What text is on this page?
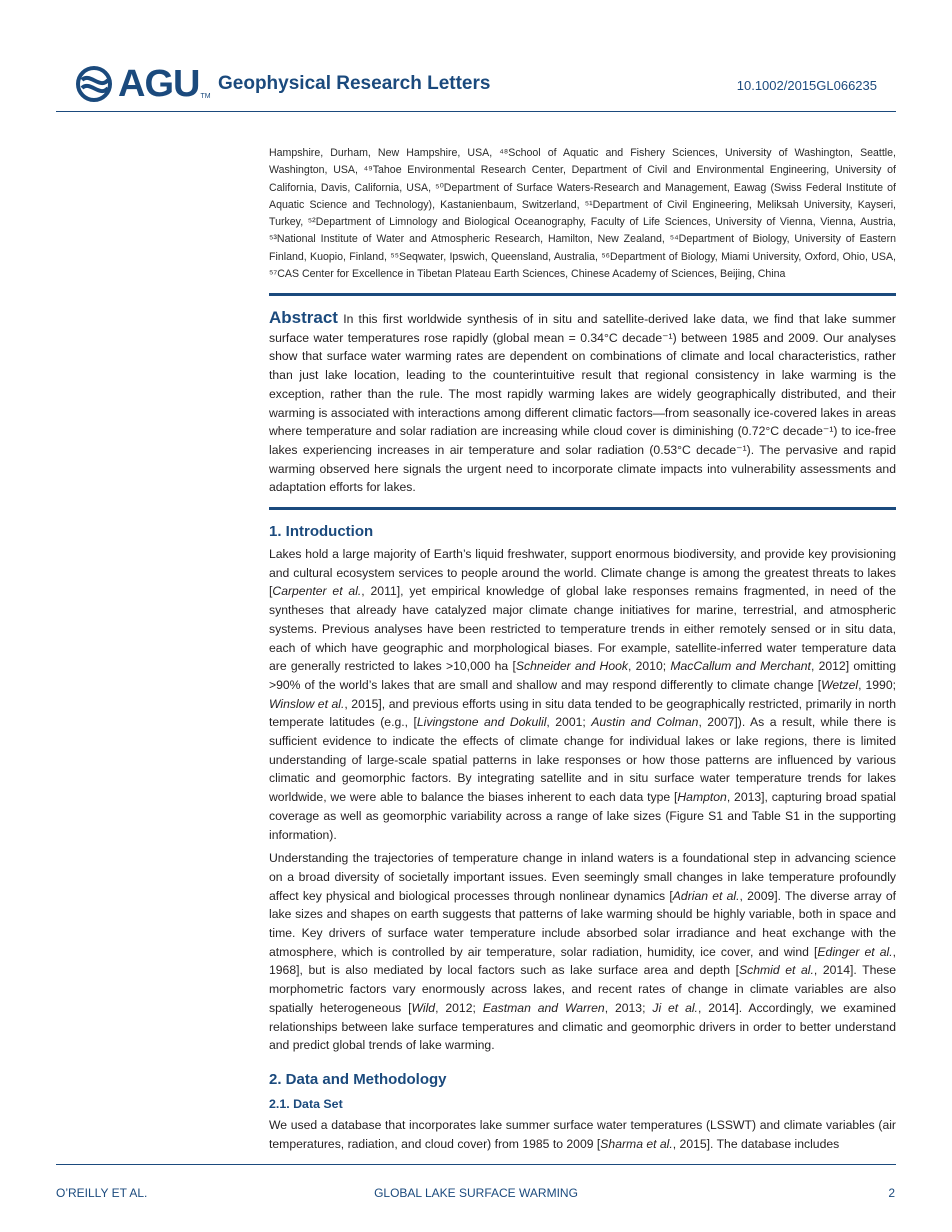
AGU TM
Geophysical Research Letters	10.1002/2015GL066235
Hampshire, Durham, New Hampshire, USA, ⁴⁸School of Aquatic and Fishery Sciences, University of Washington, Seattle, Washington, USA, ⁴⁹Tahoe Environmental Research Center, Department of Civil and Environmental Engineering, University of California, Davis, California, USA, ⁵⁰Department of Surface Waters-Research and Management, Eawag (Swiss Federal Institute of Aquatic Science and Technology), Kastanienbaum, Switzerland, ⁵¹Department of Civil Engineering, Meliksah University, Kayseri, Turkey, ⁵²Department of Limnology and Biological Oceanography, Faculty of Life Sciences, University of Vienna, Vienna, Austria, ⁵³National Institute of Water and Atmospheric Research, Hamilton, New Zealand, ⁵⁴Department of Biology, University of Eastern Finland, Kuopio, Finland, ⁵⁵Seqwater, Ipswich, Queensland, Australia, ⁵⁶Department of Biology, Miami University, Oxford, Ohio, USA, ⁵⁷CAS Center for Excellence in Tibetan Plateau Earth Sciences, Chinese Academy of Sciences, Beijing, China
Abstract In this first worldwide synthesis of in situ and satellite-derived lake data, we find that lake summer surface water temperatures rose rapidly (global mean = 0.34°C decade⁻¹) between 1985 and 2009. Our analyses show that surface water warming rates are dependent on combinations of climate and local characteristics, rather than just lake location, leading to the counterintuitive result that regional consistency in lake warming is the exception, rather than the rule. The most rapidly warming lakes are widely geographically distributed, and their warming is associated with interactions among different climatic factors—from seasonally ice-covered lakes in areas where temperature and solar radiation are increasing while cloud cover is diminishing (0.72°C decade⁻¹) to ice-free lakes experiencing increases in air temperature and solar radiation (0.53°C decade⁻¹). The pervasive and rapid warming observed here signals the urgent need to incorporate climate impacts into vulnerability assessments and adaptation efforts for lakes.
1. Introduction

Lakes hold a large majority of Earth’s liquid freshwater, support enormous biodiversity, and provide key provisioning and cultural ecosystem services to people around the world. Climate change is among the greatest threats to lakes [Carpenter et al., 2011], yet empirical knowledge of global lake responses remains fragmented, in need of the syntheses that already have catalyzed major climate change initiatives for marine, terrestrial, and atmospheric systems. Previous analyses have been restricted to temperature trends in either remotely sensed or in situ data, each of which have geographic and morphological biases. For example, satellite-inferred water temperature data are generally restricted to lakes >10,000 ha [Schneider and Hook, 2010; MacCallum and Merchant, 2012] omitting >90% of the world’s lakes that are small and shallow and may respond differently to climate change [Wetzel, 1990; Winslow et al., 2015], and previous efforts using in situ data tended to be geographically restricted, primarily in north temperate latitudes (e.g., [Livingstone and Dokulil, 2001; Austin and Colman, 2007]). As a result, while there is sufficient evidence to indicate the effects of climate change for individual lakes or lake regions, there is limited understanding of large-scale spatial patterns in lake responses or how those patterns are influenced by various climatic and geomorphic factors. By integrating satellite and in situ surface water temperature trends for lakes worldwide, we were able to balance the biases inherent to each data type [Hampton, 2013], capturing broad spatial coverage as well as geomorphic variability across a range of lake sizes (Figure S1 and Table S1 in the supporting information).

Understanding the trajectories of temperature change in inland waters is a foundational step in advancing science on a broad diversity of societally important issues. Even seemingly small changes in lake temperature profoundly affect key physical and biological processes through nonlinear dynamics [Adrian et al., 2009]. The diverse array of lake sizes and shapes on earth suggests that patterns of lake warming should be highly variable, both in space and time. Key drivers of surface water temperature include absorbed solar irradiance and heat exchange with the atmosphere, which is controlled by air temperature, solar radiation, humidity, ice cover, and wind [Edinger et al., 1968], but is also mediated by local factors such as lake surface area and depth [Schmid et al., 2014]. These morphometric factors vary enormously across lakes, and recent rates of change in climate variables are also spatially heterogeneous [Wild, 2012; Eastman and Warren, 2013; Ji et al., 2014]. Accordingly, we examined relationships between lake surface temperatures and climatic and geomorphic drivers in order to better understand and predict global trends of lake warming.

2. Data and Methodology
2.1. Data Set

We used a database that incorporates lake summer surface water temperatures (LSSWT) and climate variables (air temperatures, radiation, and cloud cover) from 1985 to 2009 [Sharma et al., 2015]. The database includes

GLOBAL LAKE SURFACE WARMING
O’REILLY ET AL.	2
